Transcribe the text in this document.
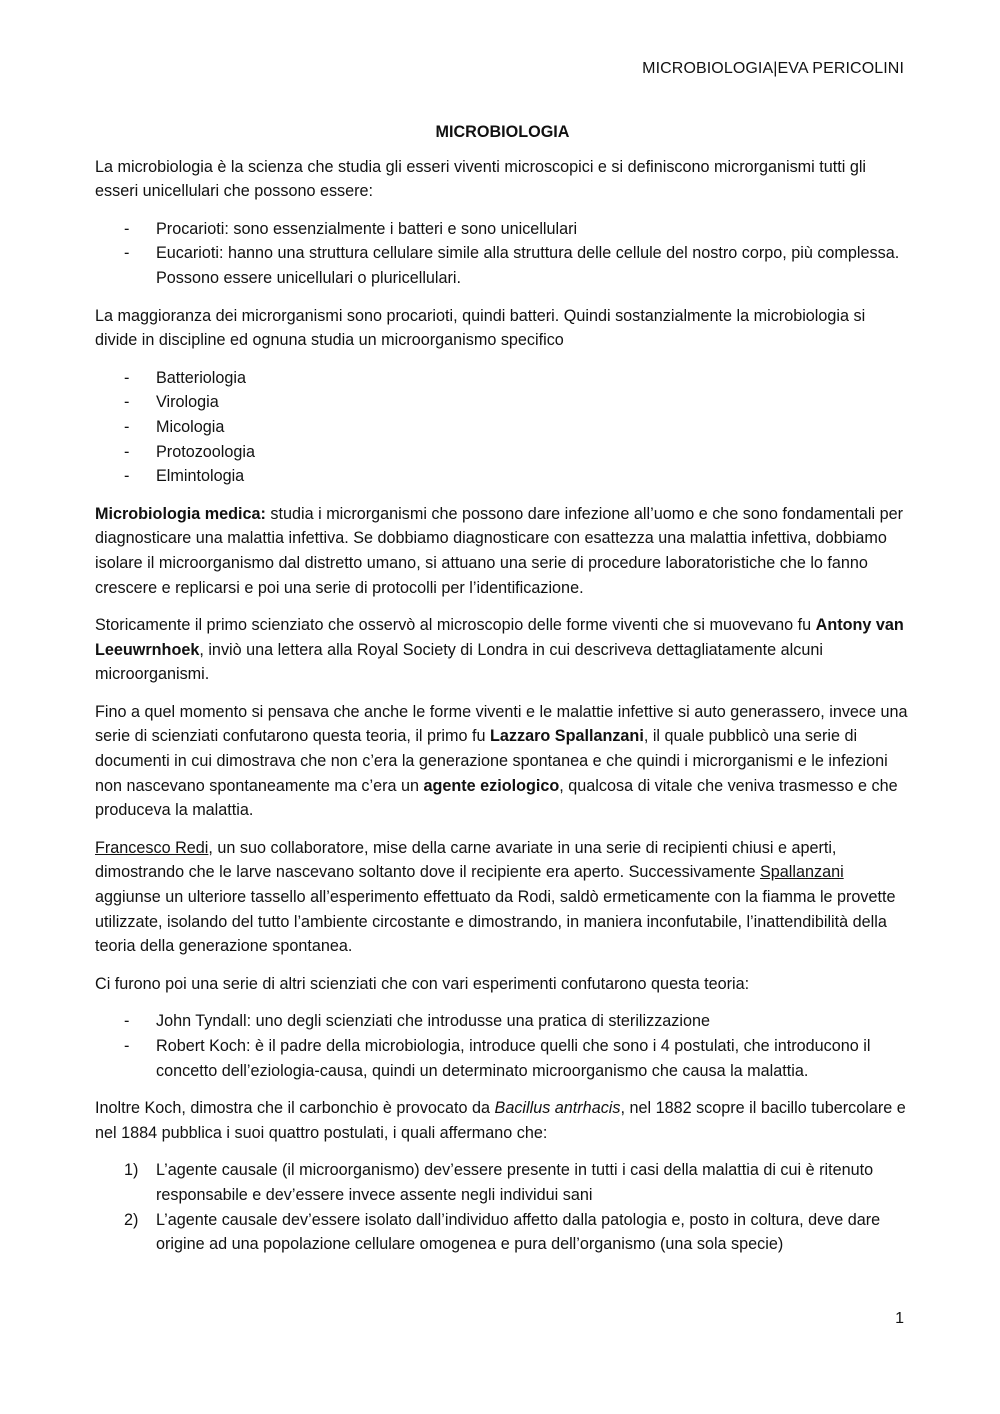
MICROBIOLOGIA|EVA PERICOLINI
MICROBIOLOGIA

La microbiologia è la scienza che studia gli esseri viventi microscopici e si definiscono microrganismi tutti gli esseri unicellulari che possono essere:

- Procarioti: sono essenzialmente i batteri e sono unicellulari
- Eucarioti: hanno una struttura cellulare simile alla struttura delle cellule del nostro corpo, più complessa. Possono essere unicellulari o pluricellulari.

La maggioranza dei microrganismi sono procarioti, quindi batteri. Quindi sostanzialmente la microbiologia si divide in discipline ed ognuna studia un microorganismo specifico

- Batteriologia
- Virologia
- Micologia
- Protozoologia
- Elmintologia

Microbiologia medica: studia i microrganismi che possono dare infezione all’uomo e che sono fondamentali per diagnosticare una malattia infettiva. Se dobbiamo diagnosticare con esattezza una malattia infettiva, dobbiamo isolare il microorganismo dal distretto umano, si attuano una serie di procedure laboratoristiche che lo fanno crescere e replicarsi e poi una serie di protocolli per l’identificazione.

Storicamente il primo scienziato che osservò al microscopio delle forme viventi che si muovevano fu Antony van Leeuwrnhoek, inviò una lettera alla Royal Society di Londra in cui descriveva dettagliatamente alcuni microorganismi.

Fino a quel momento si pensava che anche le forme viventi e le malattie infettive si auto generassero, invece una serie di scienziati confutarono questa teoria, il primo fu Lazzaro Spallanzani, il quale pubblicò una serie di documenti in cui dimostrava che non c’era la generazione spontanea e che quindi i microrganismi e le infezioni non nascevano spontaneamente ma c’era un agente eziologico, qualcosa di vitale che veniva trasmesso e che produceva la malattia.

Francesco Redi, un suo collaboratore, mise della carne avariate in una serie di recipienti chiusi e aperti, dimostrando che le larve nascevano soltanto dove il recipiente era aperto. Successivamente Spallanzani aggiunse un ulteriore tassello all’esperimento effettuato da Rodi, saldò ermeticamente con la fiamma le provette utilizzate, isolando del tutto l’ambiente circostante e dimostrando, in maniera inconfutabile, l’inattendibilità della teoria della generazione spontanea.

Ci furono poi una serie di altri scienziati che con vari esperimenti confutarono questa teoria:

- John Tyndall: uno degli scienziati che introdusse una pratica di sterilizzazione
- Robert Koch: è il padre della microbiologia, introduce quelli che sono i 4 postulati, che introducono il concetto dell’eziologia-causa, quindi un determinato microorganismo che causa la malattia.

Inoltre Koch, dimostra che il carbonchio è provocato da Bacillus antrhacis, nel 1882 scopre il bacillo tubercolare e nel 1884 pubblica i suoi quattro postulati, i quali affermano che:

1) L’agente causale (il microorganismo) dev’essere presente in tutti i casi della malattia di cui è ritenuto responsabile e dev’essere invece assente negli individui sani
2) L’agente causale dev’essere isolato dall’individuo affetto dalla patologia e, posto in coltura, deve dare origine ad una popolazione cellulare omogenea e pura dell’organismo (una sola specie)
1
